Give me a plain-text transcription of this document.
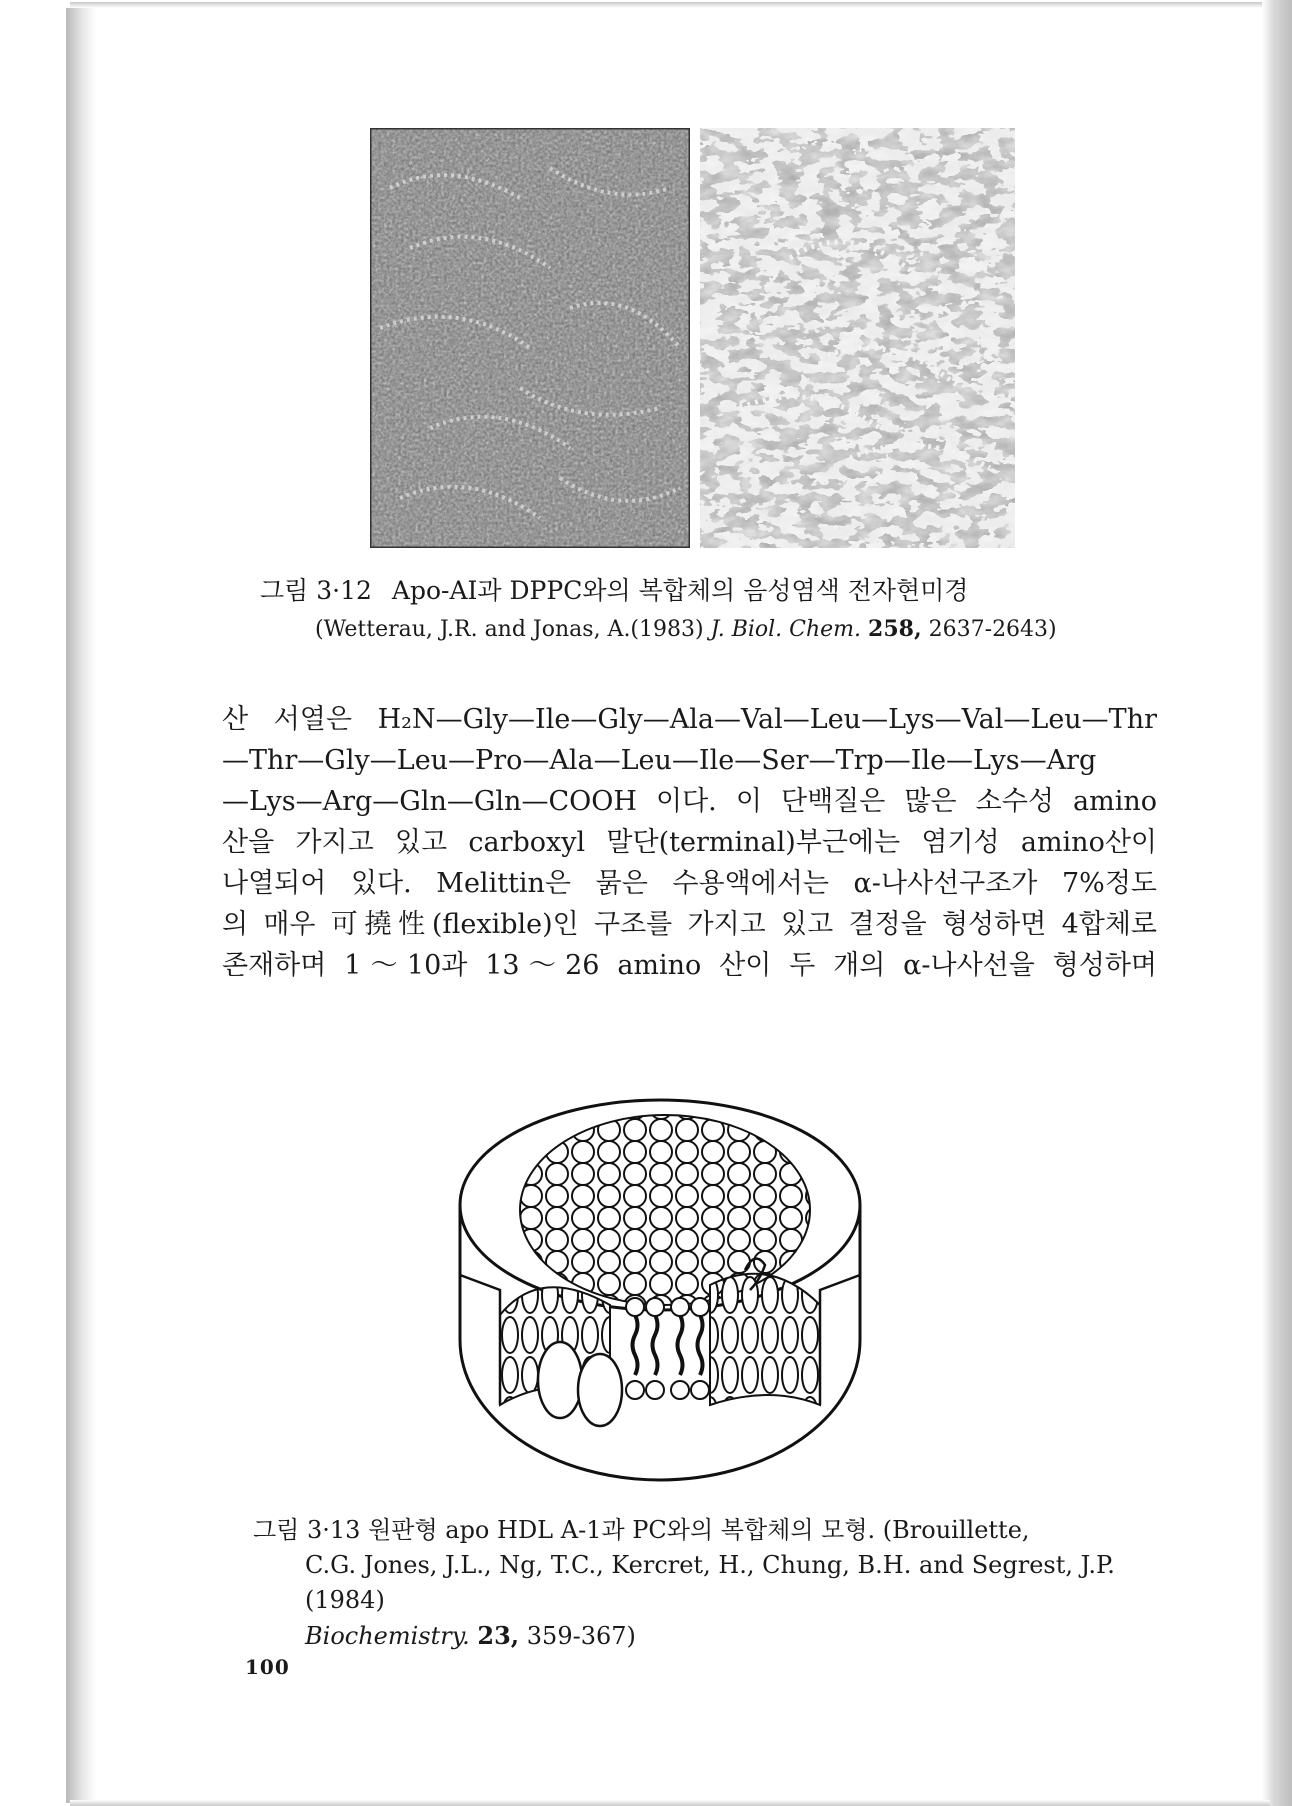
그림 3·12 Apo-AI과 DPPC와의 복합체의 음성염색 전자현미경
(Wetterau, J.R. and Jonas, A.(1983) J. Biol. Chem. 258, 2637-2643)
산 서열은 H₂N—Gly—Ile—Gly—Ala—Val—Leu—Lys—Val—Leu—Thr
—Thr—Gly—Leu—Pro—Ala—Leu—Ile—Ser—Trp—Ile—Lys—Arg
—Lys—Arg—Gln—Gln—COOH 이다. 이 단백질은 많은 소수성 amino
산을 가지고 있고 carboxyl 말단(terminal)부근에는 염기성 amino산이
나열되어 있다. Melittin은 묽은 수용액에서는 α-나사선구조가 7%정도
의 매우 可撓性(flexible)인 구조를 가지고 있고 결정을 형성하면 4합체로
존재하며 1～10과 13～26 amino 산이 두 개의 α-나사선을 형성하며
그림 3·13 원판형 apo HDL A-1과 PC와의 복합체의 모형. (Brouillette,
C.G. Jones, J.L., Ng, T.C., Kercret, H., Chung, B.H. and Segrest, J.P.(1984)
Biochemistry. 23, 359-367)
100
